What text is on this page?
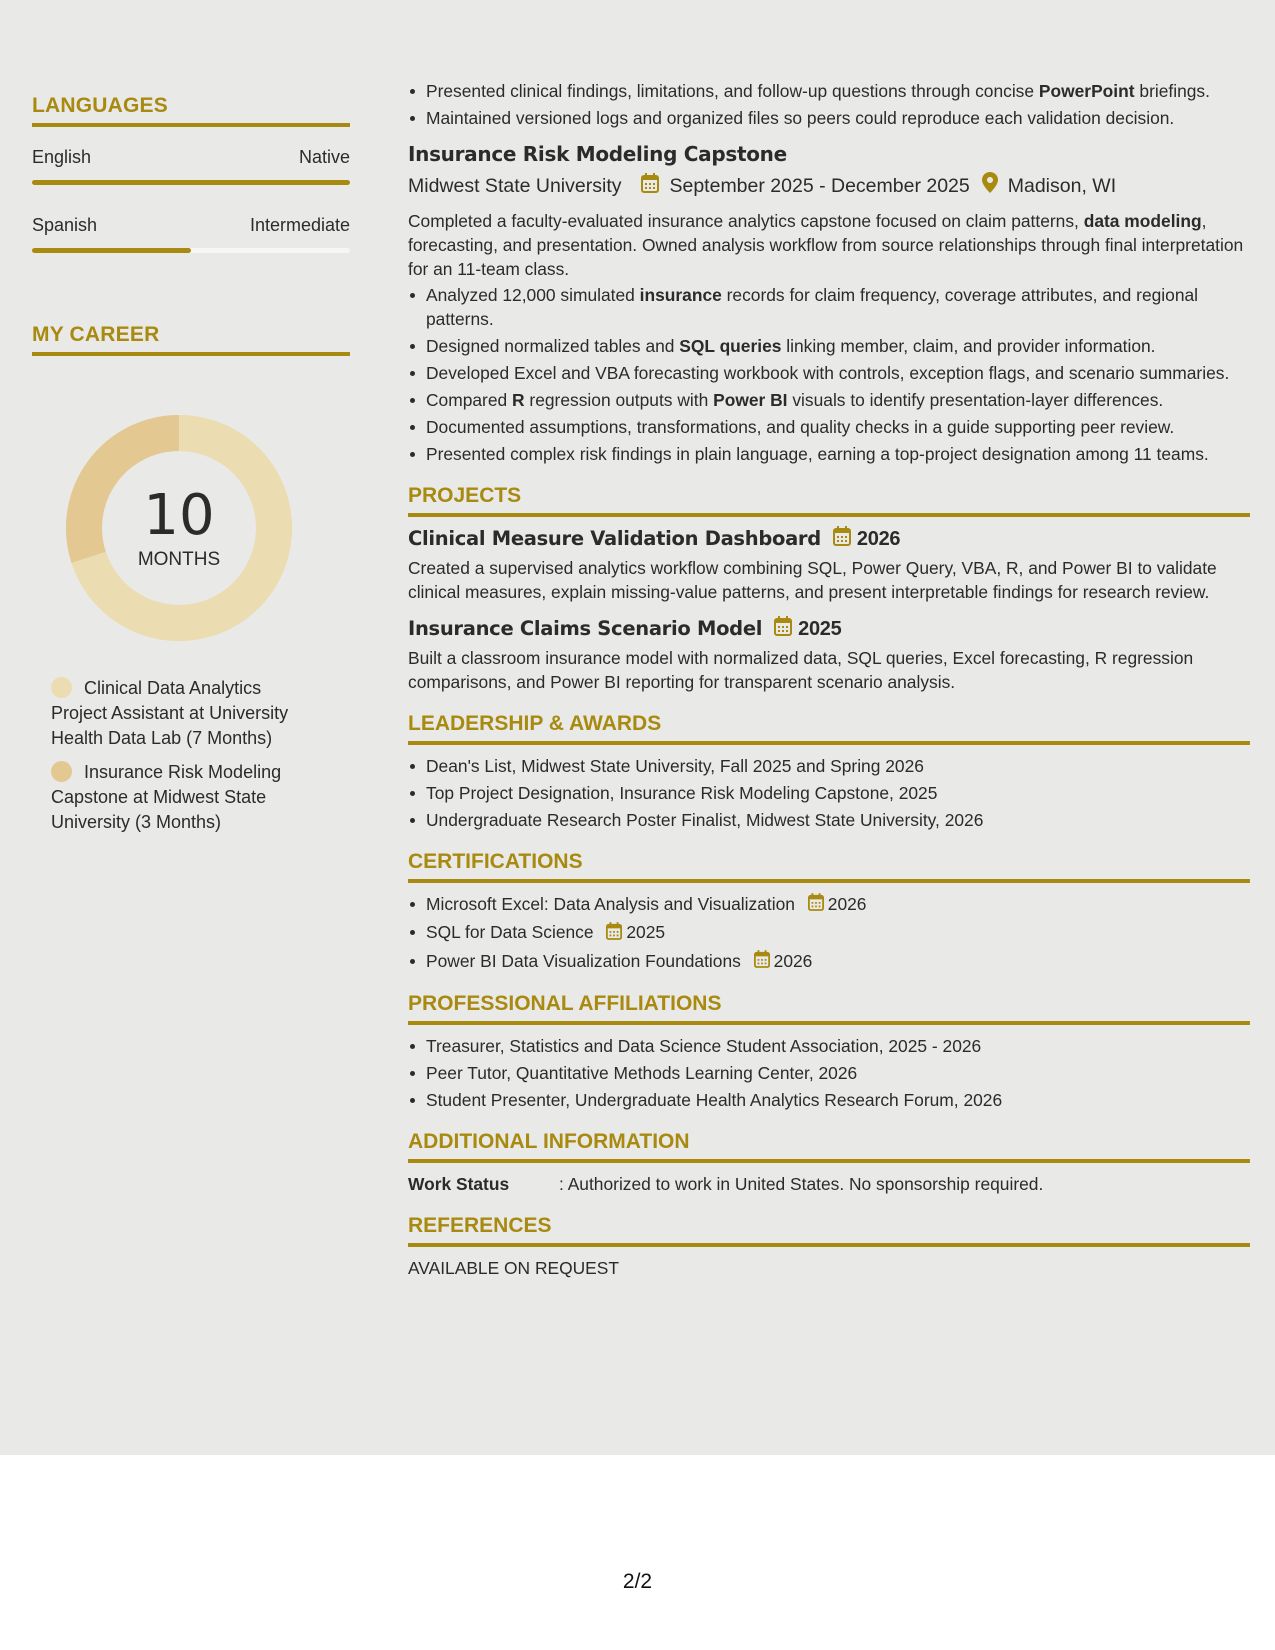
LANGUAGES
English	Native
Spanish	Intermediate
MY CAREER
10
MONTHS
Clinical Data Analytics Project Assistant at University Health Data Lab (7 Months)
Insurance Risk Modeling Capstone at Midwest State University (3 Months)
Presented clinical findings, limitations, and follow-up questions through concise PowerPoint briefings.
Maintained versioned logs and organized files so peers could reproduce each validation decision.
Insurance Risk Modeling Capstone
Midwest State University September 2025 - December 2025 Madison, WI
Completed a faculty-evaluated insurance analytics capstone focused on claim patterns, data modeling, forecasting, and presentation. Owned analysis workflow from source relationships through final interpretation for an 11-team class.
Analyzed 12,000 simulated insurance records for claim frequency, coverage attributes, and regional patterns.
Designed normalized tables and SQL queries linking member, claim, and provider information.
Developed Excel and VBA forecasting workbook with controls, exception flags, and scenario summaries.
Compared R regression outputs with Power BI visuals to identify presentation-layer differences.
Documented assumptions, transformations, and quality checks in a guide supporting peer review.
Presented complex risk findings in plain language, earning a top-project designation among 11 teams.
PROJECTS
Clinical Measure Validation Dashboard 2026
Created a supervised analytics workflow combining SQL, Power Query, VBA, R, and Power BI to validate clinical measures, explain missing-value patterns, and present interpretable findings for research review.
Insurance Claims Scenario Model 2025
Built a classroom insurance model with normalized data, SQL queries, Excel forecasting, R regression comparisons, and Power BI reporting for transparent scenario analysis.
LEADERSHIP & AWARDS
Dean's List, Midwest State University, Fall 2025 and Spring 2026
Top Project Designation, Insurance Risk Modeling Capstone, 2025
Undergraduate Research Poster Finalist, Midwest State University, 2026
CERTIFICATIONS
Microsoft Excel: Data Analysis and Visualization 2026
SQL for Data Science 2025
Power BI Data Visualization Foundations 2026
PROFESSIONAL AFFILIATIONS
Treasurer, Statistics and Data Science Student Association, 2025 - 2026
Peer Tutor, Quantitative Methods Learning Center, 2026
Student Presenter, Undergraduate Health Analytics Research Forum, 2026
ADDITIONAL INFORMATION
Work Status	: Authorized to work in United States. No sponsorship required.
REFERENCES
AVAILABLE ON REQUEST
2/2
